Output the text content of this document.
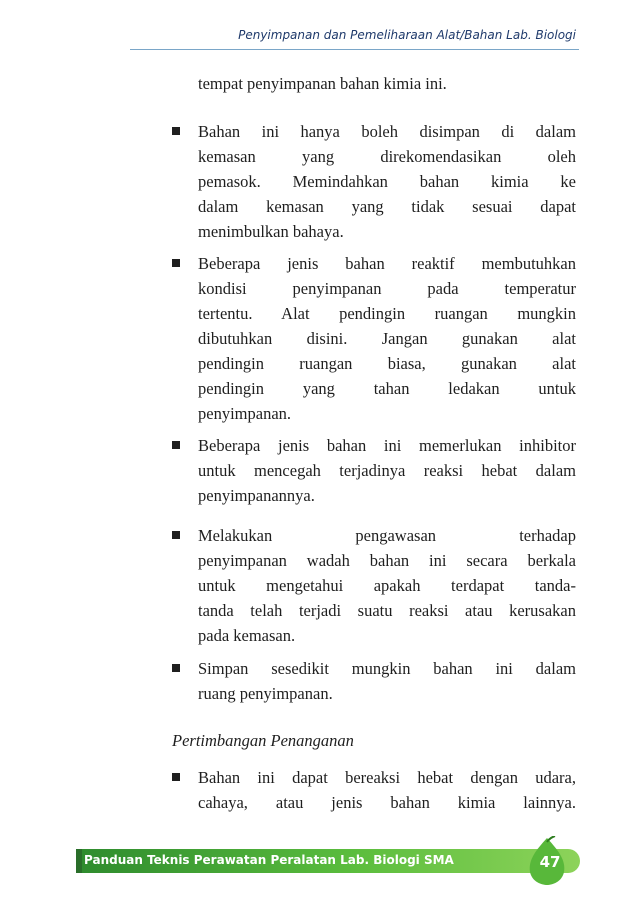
Penyimpanan dan Pemeliharaan Alat/Bahan Lab. Biologi
tempat penyimpanan bahan kimia ini.
Bahan ini hanya boleh disimpan di dalam
kemasan yang direkomendasikan oleh
pemasok. Memindahkan bahan kimia ke
dalam kemasan yang tidak sesuai dapat
menimbulkan bahaya.
Beberapa jenis bahan reaktif membutuhkan
kondisi penyimpanan pada temperatur
tertentu. Alat pendingin ruangan mungkin
dibutuhkan disini. Jangan gunakan alat
pendingin ruangan biasa, gunakan alat
pendingin yang tahan ledakan untuk
penyimpanan.
Beberapa jenis bahan ini memerlukan inhibitor
untuk mencegah terjadinya reaksi hebat dalam
penyimpanannya.
Melakukan pengawasan terhadap
penyimpanan wadah bahan ini secara berkala
untuk mengetahui apakah terdapat tanda-
tanda telah terjadi suatu reaksi atau kerusakan
pada kemasan.
Simpan sesedikit mungkin bahan ini dalam
ruang penyimpanan.
Pertimbangan Penanganan
Bahan ini dapat bereaksi hebat dengan udara,
cahaya, atau jenis bahan kimia lainnya.
Panduan Teknis Perawatan Peralatan Lab. Biologi SMA	47
